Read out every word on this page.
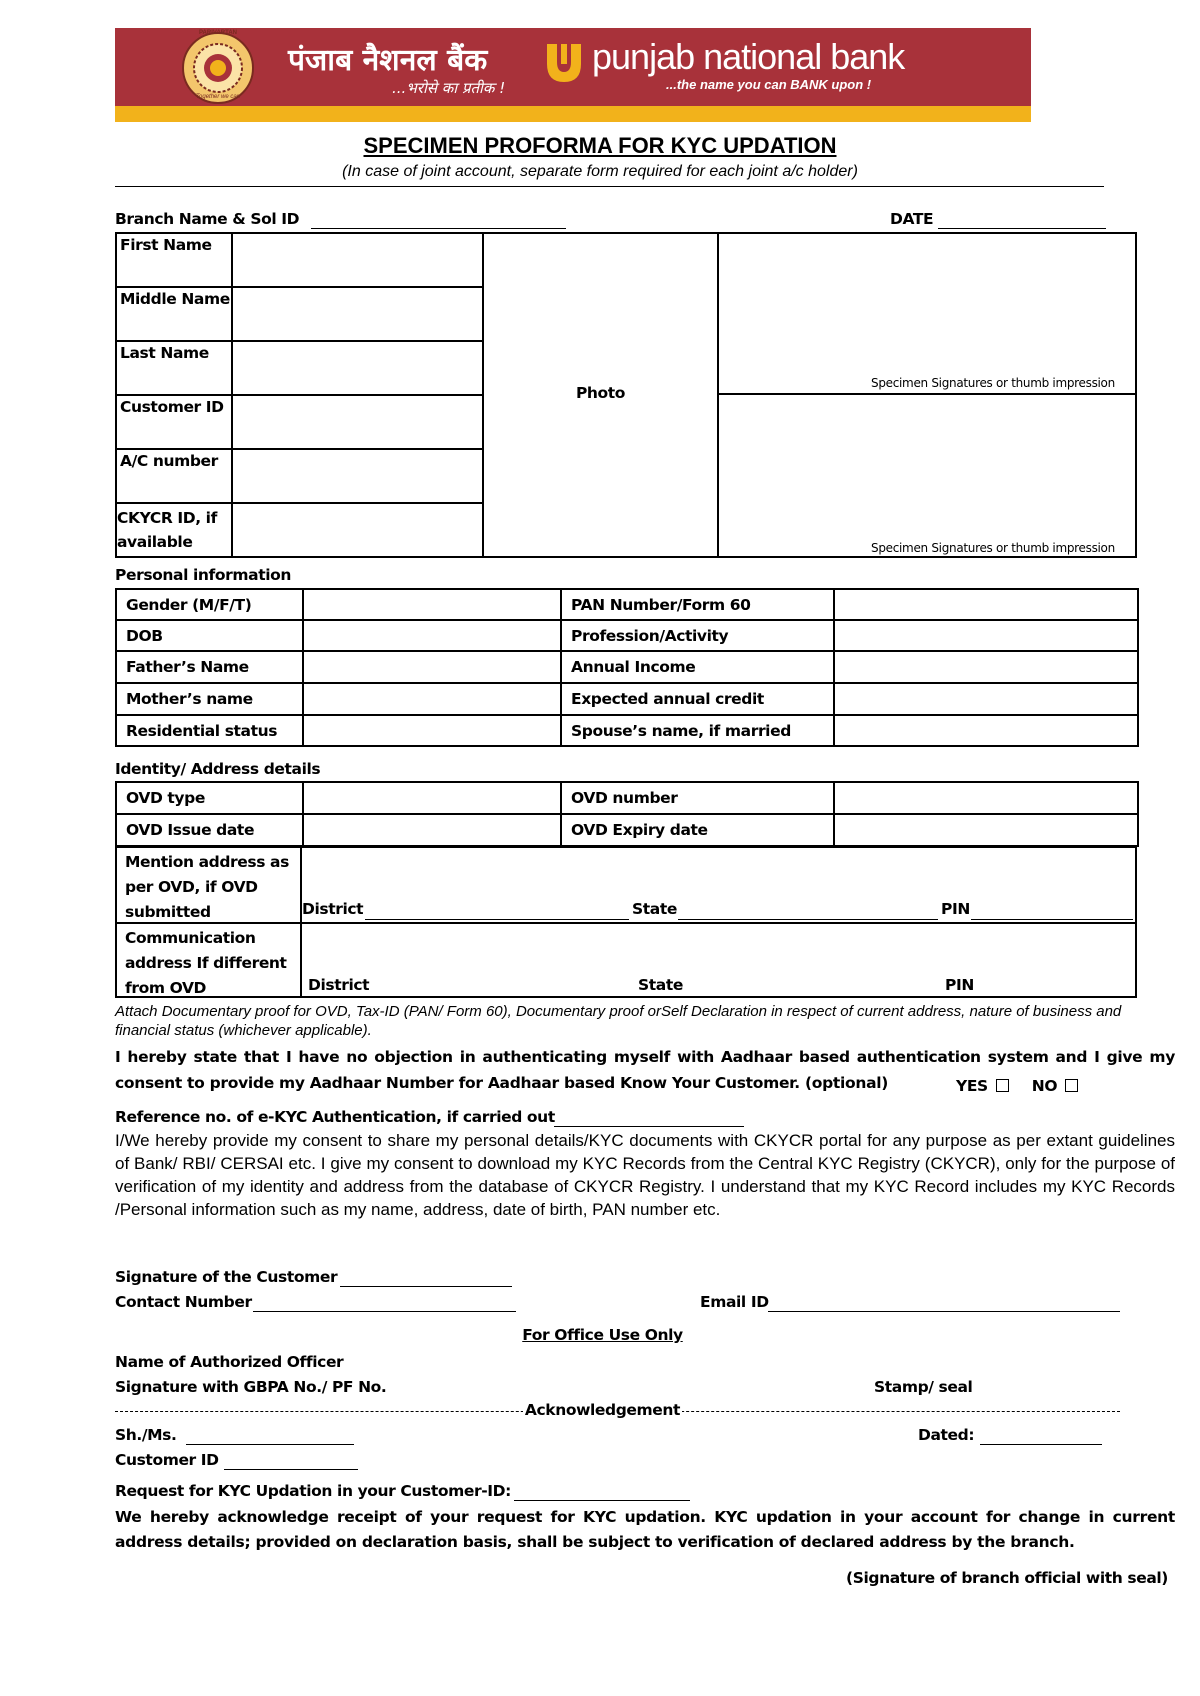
PARIVARTAN
Together we can
पंजाब नैशनल बैंक
...भरोसे का प्रतीक !
punjab national bank
...the name you can BANK upon !
SPECIMEN PROFORMA FOR KYC UPDATION
(In case of joint account, separate form required for each joint a/c holder)
Branch Name & Sol ID	DATE
First Name
Middle Name
Last Name
Customer ID
A/C number
CKYCR ID, if available
Photo
Specimen Signatures or thumb impression
Specimen Signatures or thumb impression
Personal information
Gender (M/F/T)		PAN Number/Form 60	
DOB		Profession/Activity	
Father’s Name		Annual Income	
Mother’s name		Expected annual credit	
Residential status		Spouse’s name, if married	
Identity/ Address details
OVD type		OVD number	
OVD Issue date		OVD Expiry date	
Mention address as per OVD, if OVD submitted	District	State	PIN
Communication address If different from OVD	District	State	PIN
Attach Documentary proof for OVD, Tax-ID (PAN/ Form 60), Documentary proof orSelf Declaration in respect of current address, nature of business and financial status (whichever applicable).
I hereby state that I have no objection in authenticating myself with Aadhaar based authentication system and I give my consent to provide my Aadhaar Number for Aadhaar based Know Your Customer. (optional)	YES	NO
Reference no. of e-KYC Authentication, if carried out
I/We hereby provide my consent to share my personal details/KYC documents with CKYCR portal for any purpose as per extant guidelines of Bank/ RBI/ CERSAI etc. I give my consent to download my KYC Records from the Central KYC Registry (CKYCR), only for the purpose of verification of my identity and address from the database of CKYCR Registry. I understand that my KYC Record includes my KYC Records /Personal information such as my name, address, date of birth, PAN number etc.
Signature of the Customer
Contact Number	Email ID
For Office Use Only
Name of Authorized Officer
Signature with GBPA No./ PF No.	Stamp/ seal
Acknowledgement
Sh./Ms.	Dated:
Customer ID
Request for KYC Updation in your Customer-ID:
We hereby acknowledge receipt of your request for KYC updation. KYC updation in your account for change in current address details; provided on declaration basis, shall be subject to verification of declared address by the branch.
(Signature of branch official with seal)
